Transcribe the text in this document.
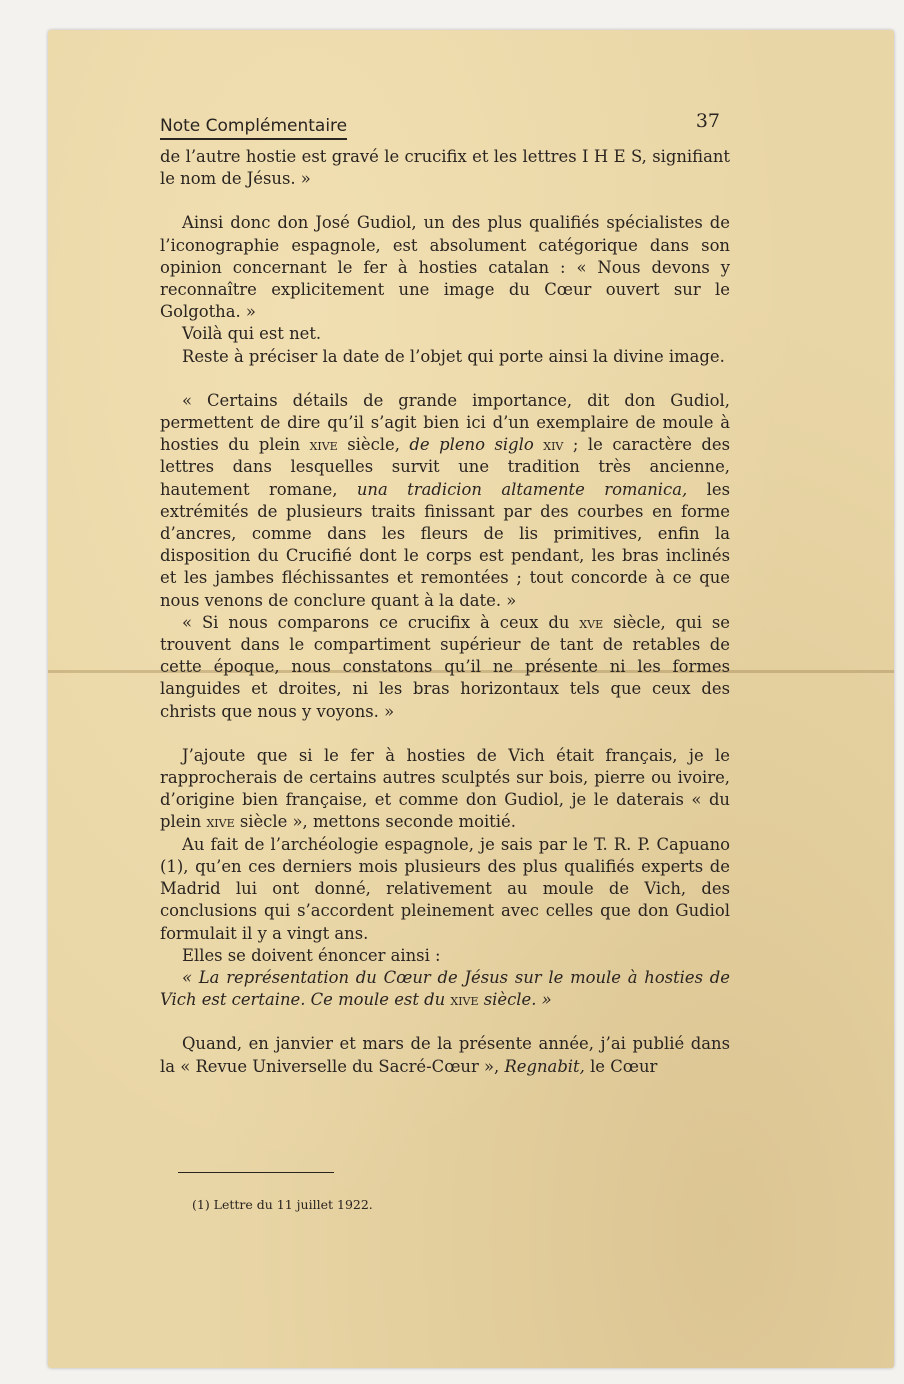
Note Complémentaire	37

de l’autre hostie est gravé le crucifix et les lettres I H E S, signifiant le nom de Jésus. »

Ainsi donc don José Gudiol, un des plus qualifiés spécialistes de l’iconographie espagnole, est absolument catégorique dans son opinion concernant le fer à hosties catalan : « Nous devons y reconnaître explicitement une image du Cœur ouvert sur le Golgotha. »

Voilà qui est net.

Reste à préciser la date de l’objet qui porte ainsi la divine image.

« Certains détails de grande importance, dit don Gudiol, permettent de dire qu’il s’agit bien ici d’un exemplaire de moule à hosties du plein xive siècle, de pleno siglo xiv ; le caractère des lettres dans lesquelles survit une tradition très ancienne, hautement romane, una tradicion altamente romanica, les extrémités de plusieurs traits finissant par des courbes en forme d’ancres, comme dans les fleurs de lis primitives, enfin la disposition du Crucifié dont le corps est pendant, les bras inclinés et les jambes fléchissantes et remontées ; tout concorde à ce que nous venons de conclure quant à la date. »

« Si nous comparons ce crucifix à ceux du xve siècle, qui se trouvent dans le compartiment supérieur de tant de retables de cette époque, nous constatons qu’il ne présente ni les formes languides et droites, ni les bras horizontaux tels que ceux des christs que nous y voyons. »

J’ajoute que si le fer à hosties de Vich était français, je le rapprocherais de certains autres sculptés sur bois, pierre ou ivoire, d’origine bien française, et comme don Gudiol, je le daterais « du plein xive siècle », mettons seconde moitié.

Au fait de l’archéologie espagnole, je sais par le T. R. P. Capuano (1), qu’en ces derniers mois plusieurs des plus qualifiés experts de Madrid lui ont donné, relativement au moule de Vich, des conclusions qui s’accordent pleinement avec celles que don Gudiol formulait il y a vingt ans.

Elles se doivent énoncer ainsi :

« La représentation du Cœur de Jésus sur le moule à hosties de Vich est certaine. Ce moule est du xive siècle. »

Quand, en janvier et mars de la présente année, j’ai publié dans la « Revue Universelle du Sacré-Cœur », Regnabit, le Cœur

(1) Lettre du 11 juillet 1922.
